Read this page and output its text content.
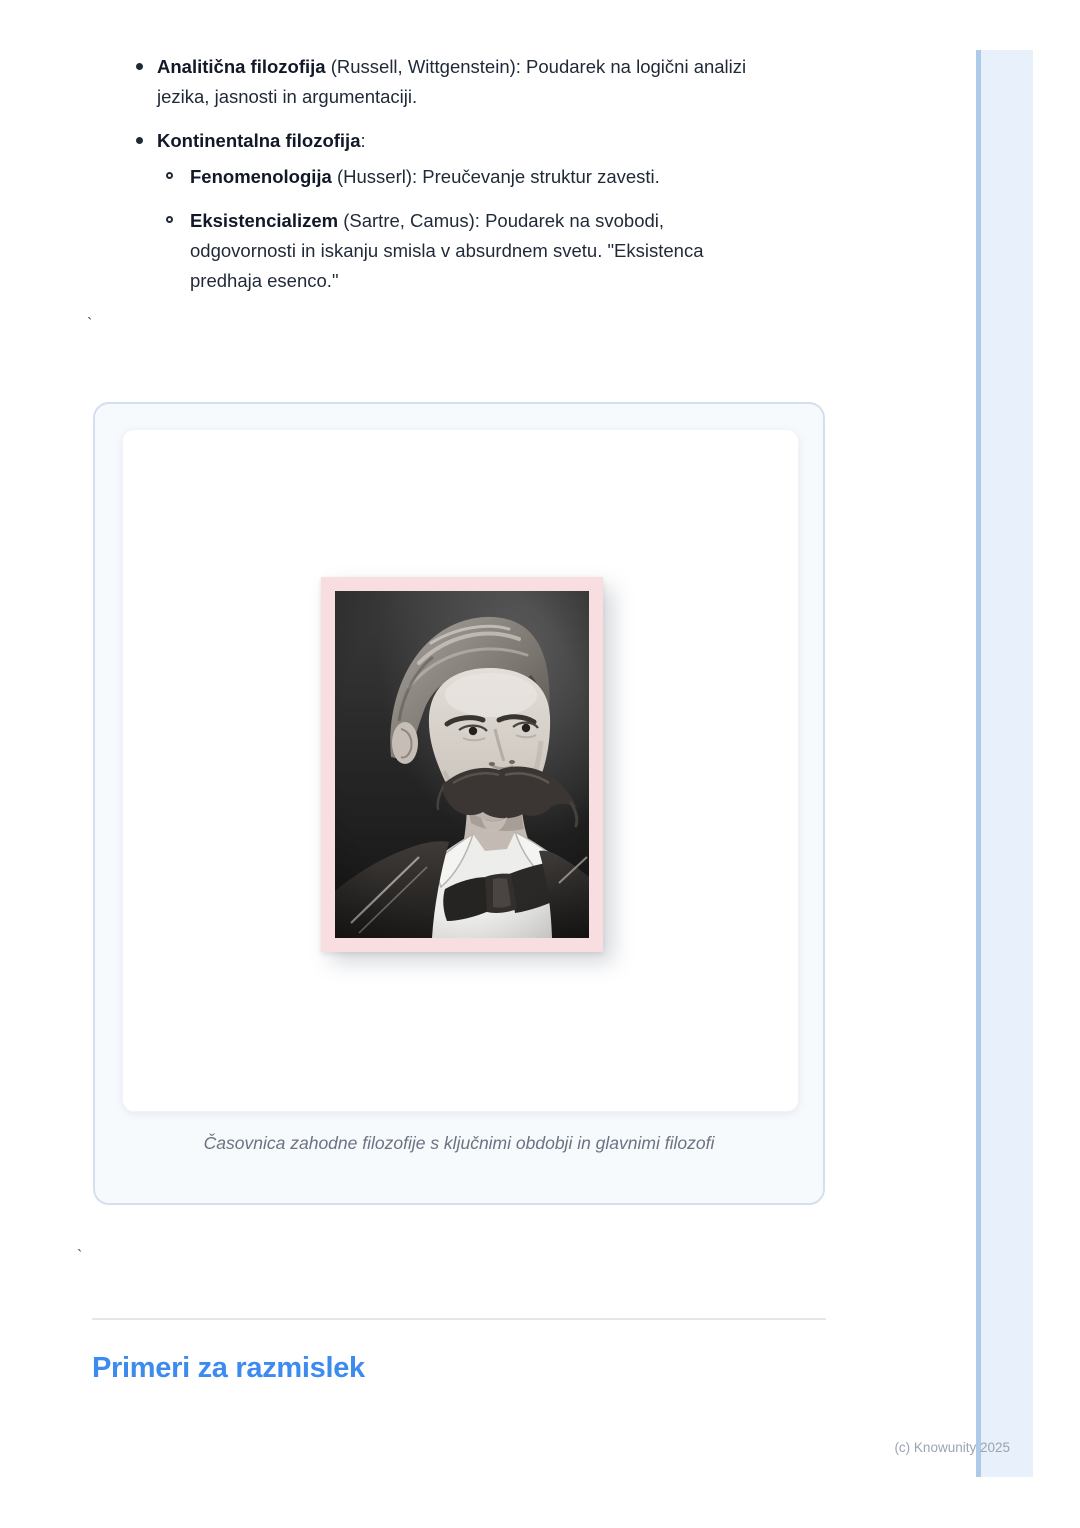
Analitična filozofija (Russell, Wittgenstein): Poudarek na logični analizi jezika, jasnosti in argumentaciji.
Kontinentalna filozofija:
Fenomenologija (Husserl): Preučevanje struktur zavesti.
Eksistencializem (Sartre, Camus): Poudarek na svobodi, odgovornosti in iskanju smisla v absurdnem svetu. "Eksistenca predhaja esenco."
`
Časovnica zahodne filozofije s ključnimi obdobji in glavnimi filozofi
`
Primeri za razmislek
(c) Knowunity 2025
